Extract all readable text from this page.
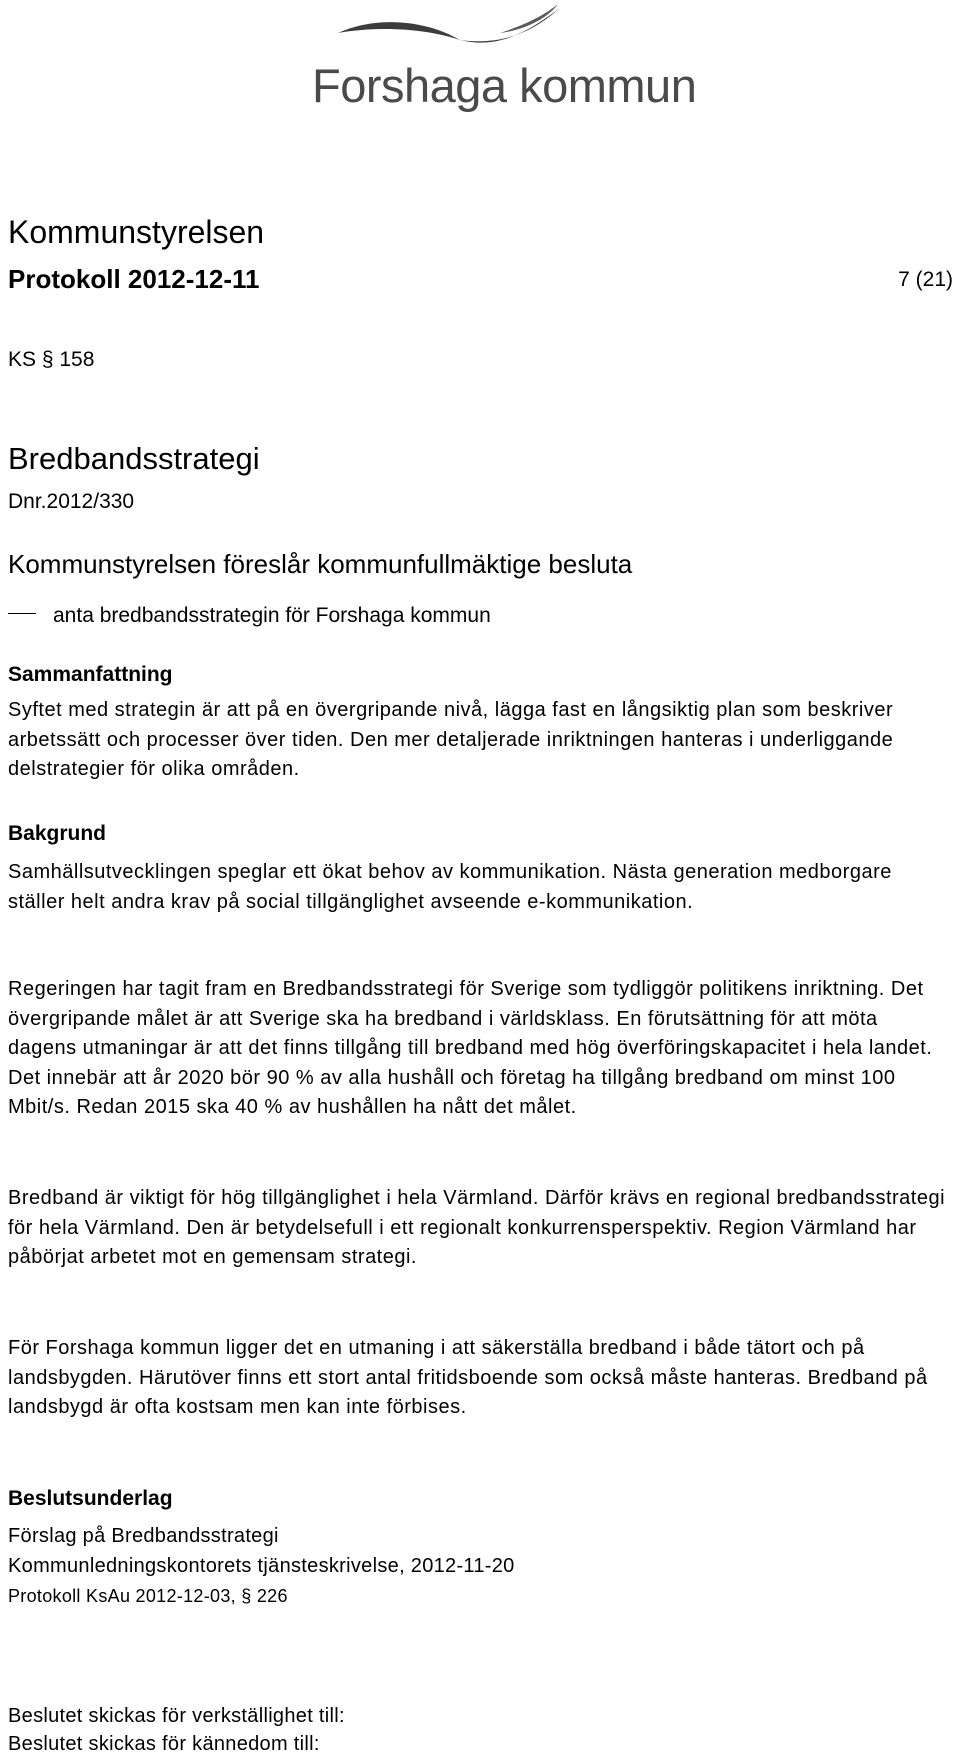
Forshaga kommun
Kommunstyrelsen
Protokoll 2012-12-11	7 (21)
KS § 158
Bredbandsstrategi
Dnr.2012/330
Kommunstyrelsen föreslår kommunfullmäktige besluta
anta bredbandsstrategin för Forshaga kommun
Sammanfattning

Syftet med strategin är att på en övergripande nivå, lägga fast en långsiktig plan som beskriver arbetssätt och processer över tiden. Den mer detaljerade inriktningen hanteras i underliggande delstrategier för olika områden.

Bakgrund

Samhällsutvecklingen speglar ett ökat behov av kommunikation. Nästa generation medborgare ställer helt andra krav på social tillgänglighet avseende e-kommunikation.

Regeringen har tagit fram en Bredbandsstrategi för Sverige som tydliggör politikens inriktning. Det övergripande målet är att Sverige ska ha bredband i världsklass. En förutsättning för att möta dagens utmaningar är att det finns tillgång till bredband med hög överföringskapacitet i hela landet. Det innebär att år 2020 bör 90 % av alla hushåll och företag ha tillgång bredband om minst 100 Mbit/s. Redan 2015 ska 40 % av hushållen ha nått det målet.

Bredband är viktigt för hög tillgänglighet i hela Värmland. Därför krävs en regional bredbandsstrategi för hela Värmland. Den är betydelsefull i ett regionalt konkurrensperspektiv. Region Värmland har påbörjat arbetet mot en gemensam strategi.

För Forshaga kommun ligger det en utmaning i att säkerställa bredband i både tätort och på landsbygden. Härutöver finns ett stort antal fritidsboende som också måste hanteras. Bredband på landsbygd är ofta kostsam men kan inte förbises.

Beslutsunderlag
Förslag på Bredbandsstrategi
Kommunledningskontorets tjänsteskrivelse, 2012-11-20
Protokoll KsAu 2012-12-03, § 226
Beslutet skickas för verkställighet till:
Beslutet skickas för kännedom till:
